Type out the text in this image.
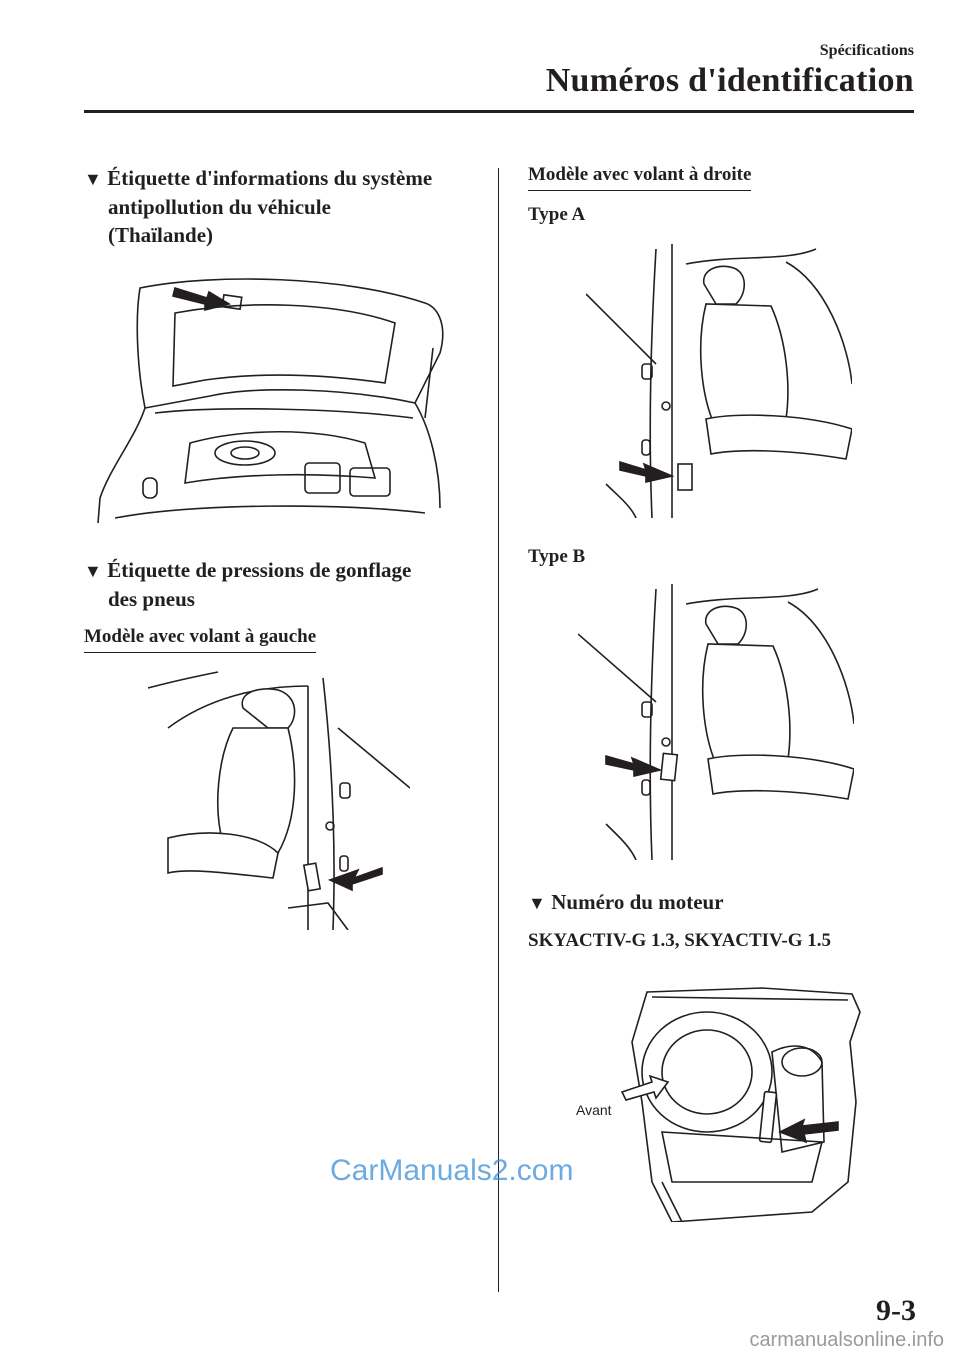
Spécifications
Numéros d'identification
▼ Étiquette d'informations du système
antipollution du véhicule
(Thaïlande)
▼ Étiquette de pressions de gonflage
des pneus
Modèle avec volant à gauche
Modèle avec volant à droite
Type A
Type B
▼ Numéro du moteur
SKYACTIV-G 1.3, SKYACTIV-G 1.5
Avant
CarManuals2.com
9-3
carmanualsonline.info
